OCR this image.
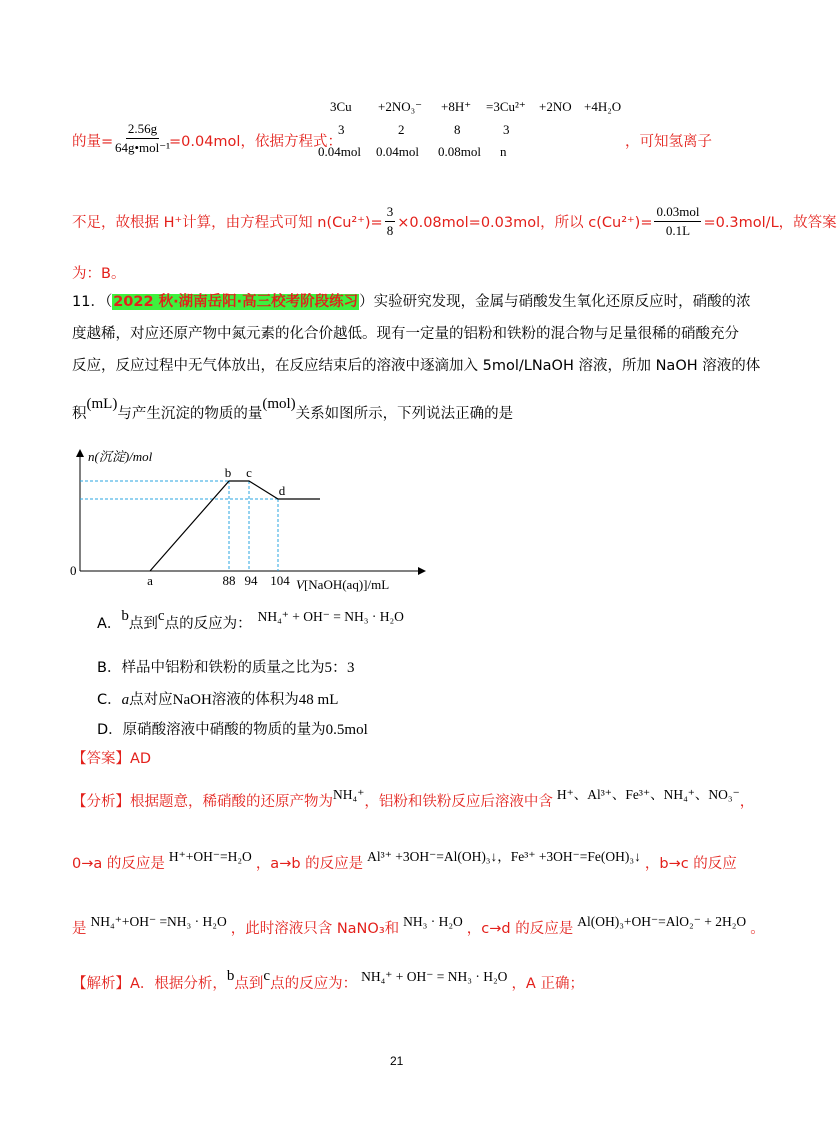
3Cu +2NO₃⁻ +8H⁺ =3Cu²⁺ +2NO +4H₂O
3	2	8	3
的量= $\frac{2.56g}{\text{64g•mol⁻¹}}$
=0.04mol，依据方程式：
0.04mol 0.04mol 0.08mol n
，可知氢离子
不足，故根据 H⁺计算，由方程式可知 $n(Cu^{2+})= \frac{3}{8} \times 0.08mol=0.03mol$，所以 $c(Cu^{2+})= \frac{\text{0.03mol}}{0.1L} =0.3mol/L$，故答案
为：B。
11．（2022 秋·湖南岳阳·高三校考阶段练习）实验研究发现，金属与硝酸发生氧化还原反应时，硝酸的浓
度越稀，对应还原产物中氮元素的化合价越低。现有一定量的铝粉和铁粉的混合物与足量很稀的硝酸充分
反应，反应过程中无气体放出，在反应结束后的溶液中逐滴加入 5mol/LNaOH 溶液，所加 NaOH 溶液的体
积
(mL)
与产生沉淀的物质的量
(mol)
关系如图所示，下列说法正确的是
n(沉淀)/mol
0
a	88 94 104
b c
d
V[NaOH(aq)]/mL
A． b 点到 c 点的反应为： NH₄⁺ + OH⁻ = NH₃ · H₂O
B．样品中铝粉和铁粉的质量之比为5：3
C．a点对应NaOH溶液的体积为48 mL
D．原硝酸溶液中硝酸的物质的量为0.5mol
【答案】AD
【分析】根据题意，稀硝酸的还原产物为 NH₄⁺ ，铝粉和铁粉反应后溶液中含 H⁺、Al³⁺、Fe³⁺、NH₄⁺、NO₃⁻ ，
0→a 的反应是 H⁺+OH⁻=H₂O ，a→b 的反应是 Al³⁺ +3OH⁻=Al(OH)₃↓，Fe³⁺ +3OH⁻=Fe(OH)₃↓ ，b→c 的反应
是 NH₄⁺+OH⁻ =NH₃ · H₂O ，此时溶液只含 NaNO₃和 NH₃ · H₂O ，c→d 的反应是 Al(OH)₃+OH⁻=AlO₂⁻ + 2H₂O 。
【解析】A．根据分析， b 点到 c 点的反应为： NH₄⁺ + OH⁻ = NH₃ · H₂O ，A 正确；
21
